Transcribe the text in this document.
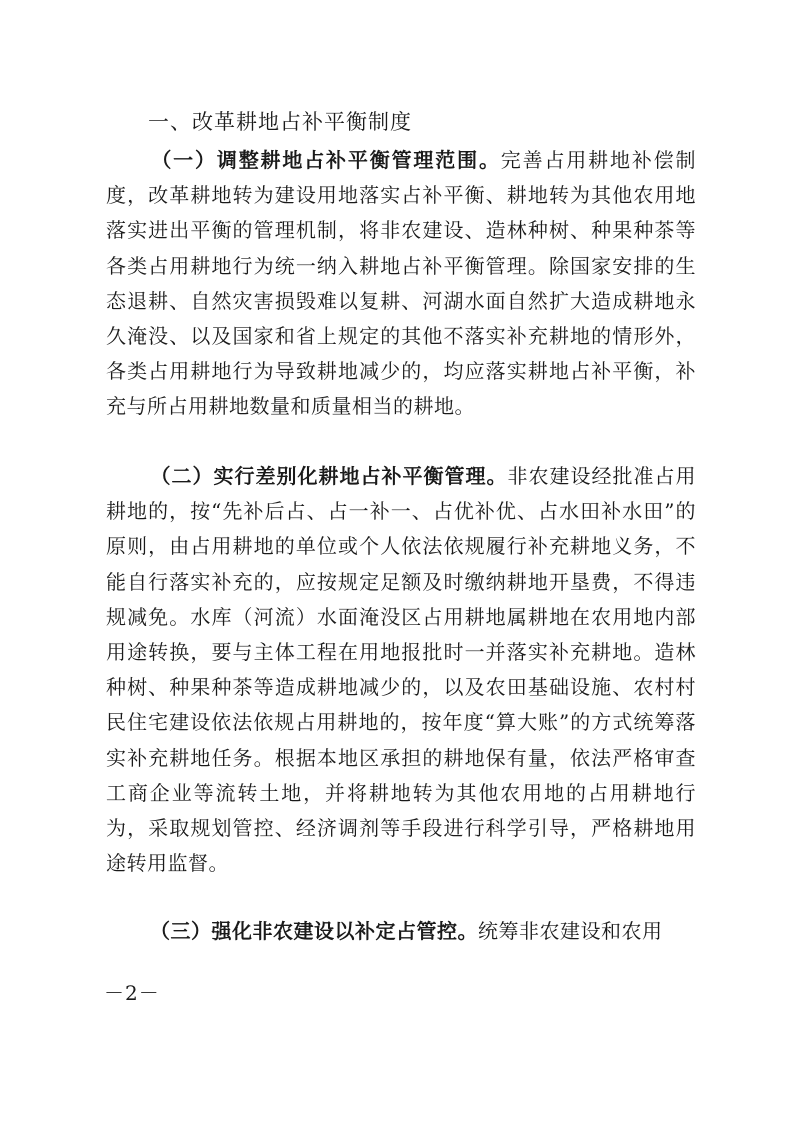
一、改革耕地占补平衡制度

（一）调整耕地占补平衡管理范围。完善占用耕地补偿制度，改革耕地转为建设用地落实占补平衡、耕地转为其他农用地落实进出平衡的管理机制，将非农建设、造林种树、种果种茶等各类占用耕地行为统一纳入耕地占补平衡管理。除国家安排的生态退耕、自然灾害损毁难以复耕、河湖水面自然扩大造成耕地永久淹没、以及国家和省上规定的其他不落实补充耕地的情形外，各类占用耕地行为导致耕地减少的，均应落实耕地占补平衡，补充与所占用耕地数量和质量相当的耕地。

（二）实行差别化耕地占补平衡管理。非农建设经批准占用耕地的，按“先补后占、占一补一、占优补优、占水田补水田”的原则，由占用耕地的单位或个人依法依规履行补充耕地义务，不能自行落实补充的，应按规定足额及时缴纳耕地开垦费，不得违规减免。水库（河流）水面淹没区占用耕地属耕地在农用地内部用途转换，要与主体工程在用地报批时一并落实补充耕地。造林种树、种果种茶等造成耕地减少的，以及农田基础设施、农村村民住宅建设依法依规占用耕地的，按年度“算大账”的方式统筹落实补充耕地任务。根据本地区承担的耕地保有量，依法严格审查工商企业等流转土地，并将耕地转为其他农用地的占用耕地行为，采取规划管控、经济调剂等手段进行科学引导，严格耕地用途转用监督。

（三）强化非农建设以补定占管控。统筹非农建设和农用

－2－
